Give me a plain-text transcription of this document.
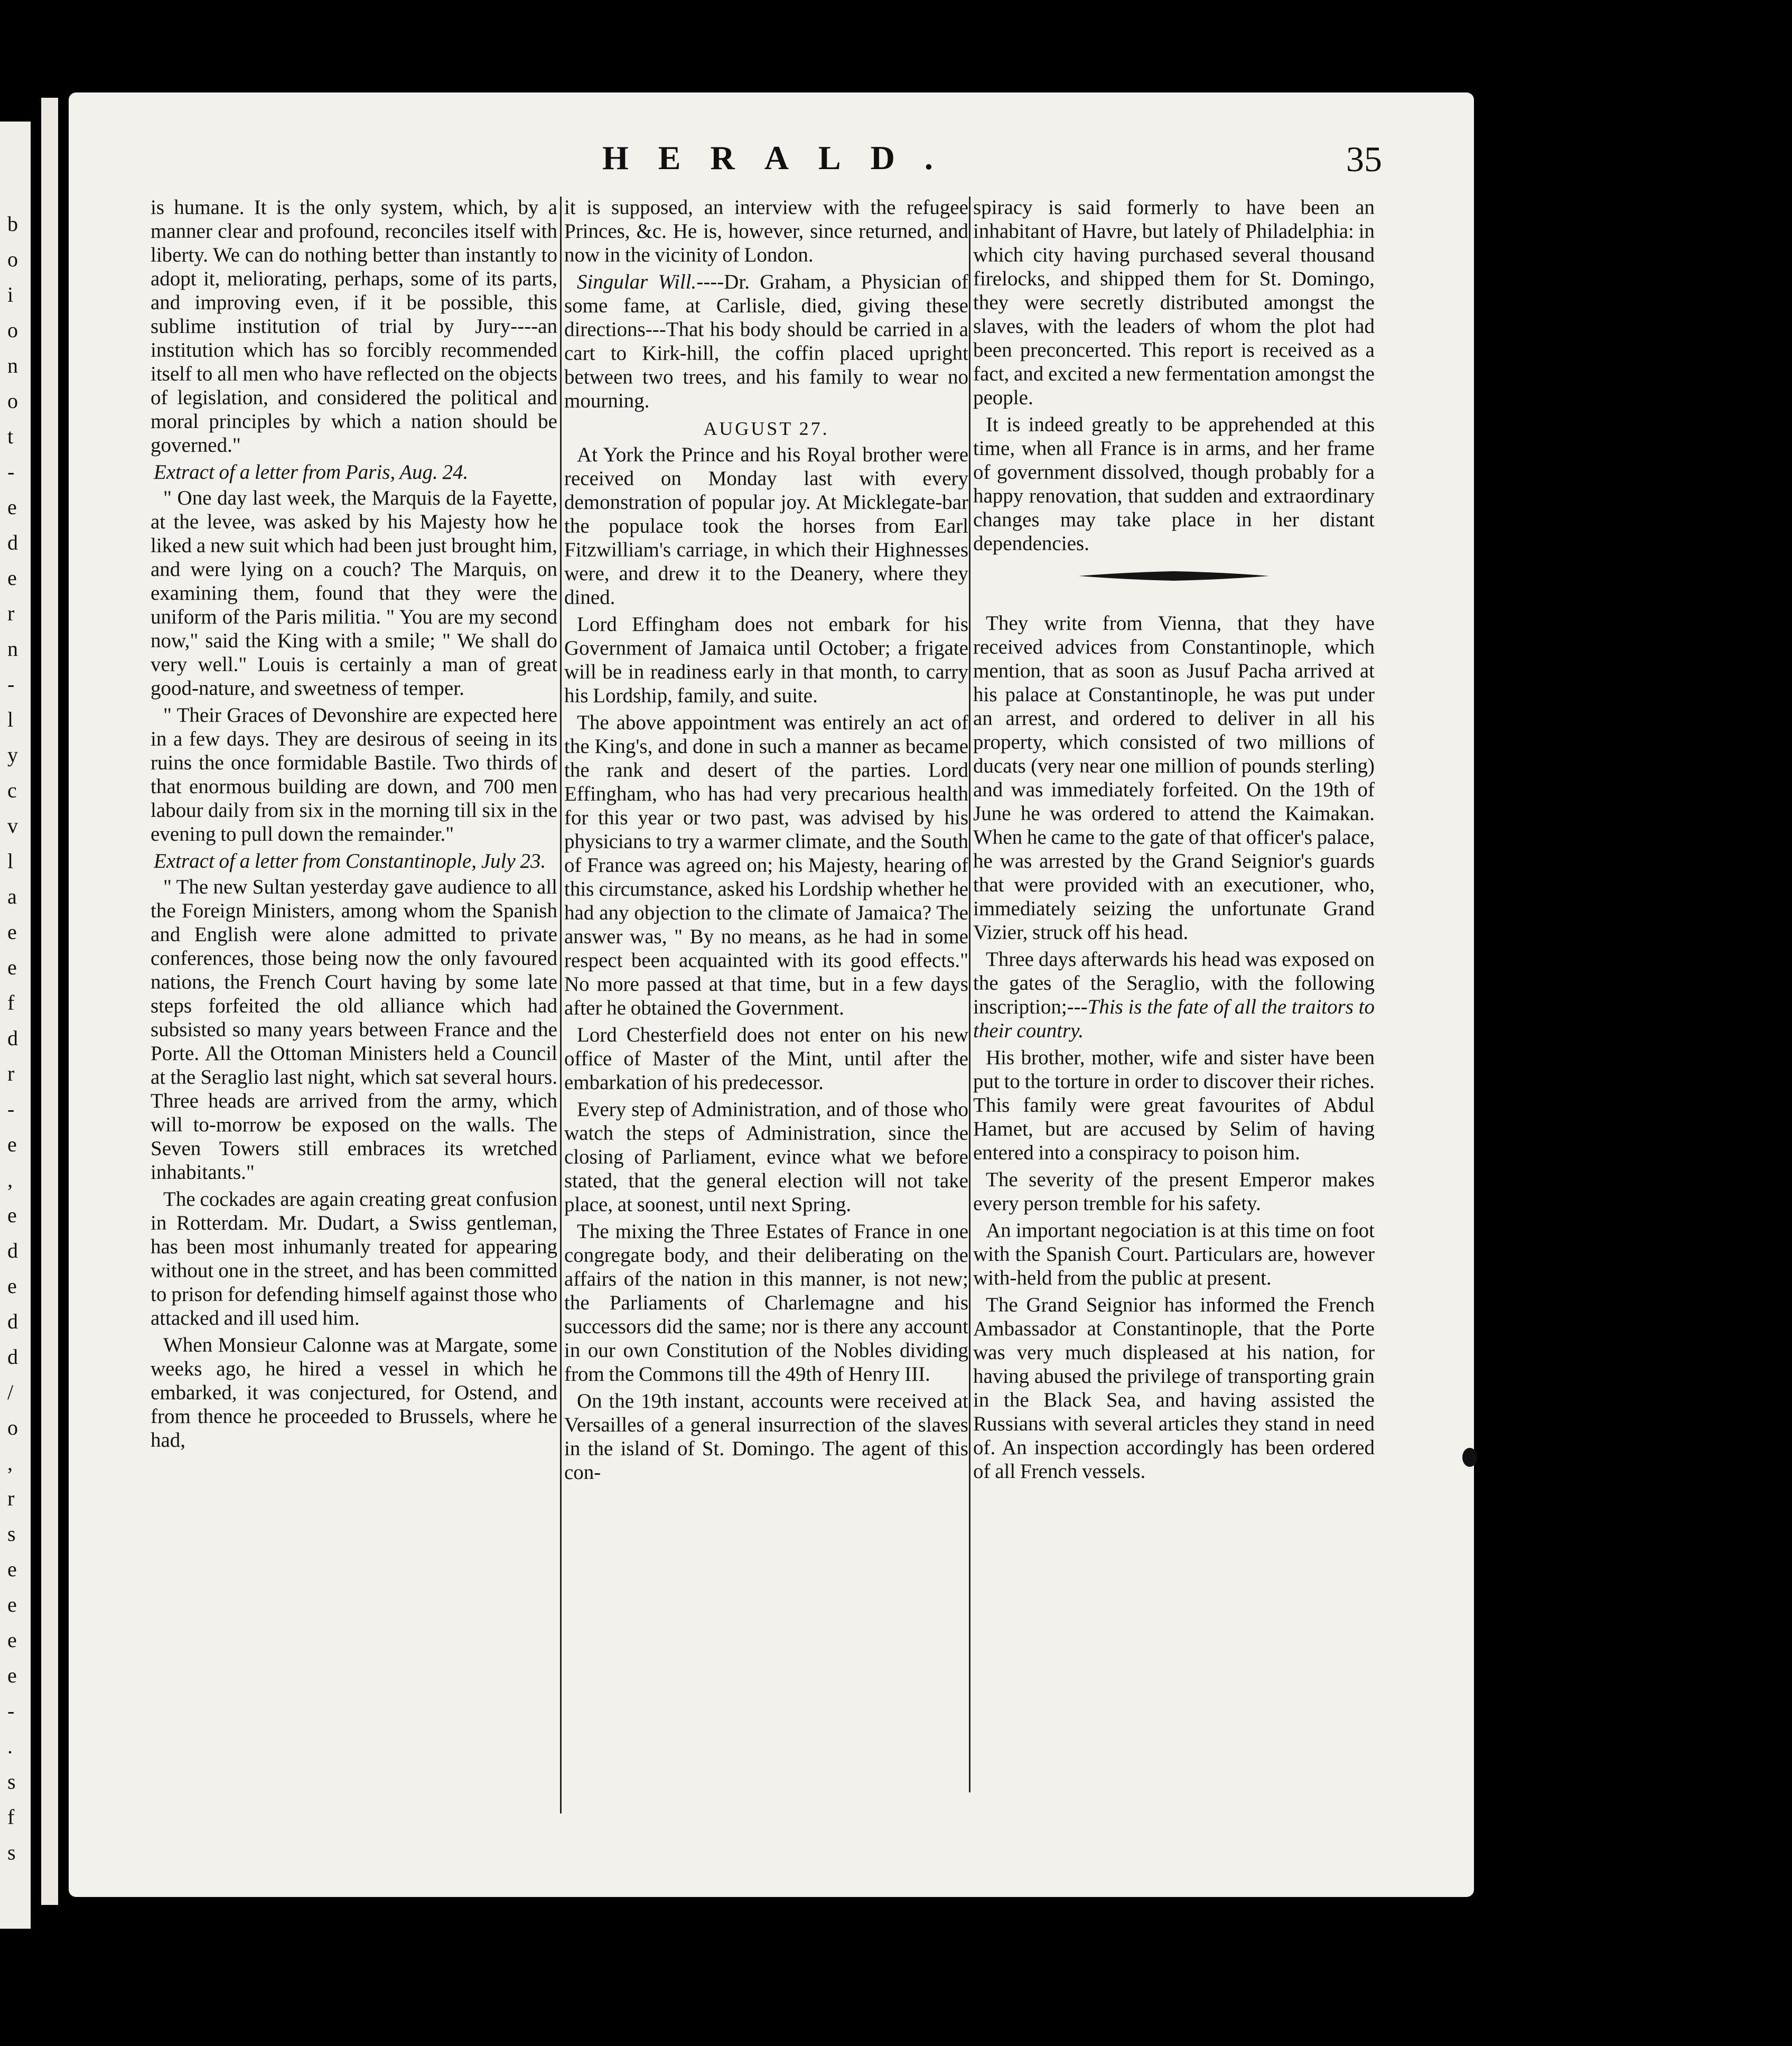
b
o
i
o
n
o
t
-
e
d
e
r
n
-
l
y
c
v
l
a
e
e
f
d
r
-
e
,
e
d
e
d
d
/
o
,
r
s
e
e
e
e
-
.
s
f
s
HERALD.	35

is humane. It is the only system, which, by a manner clear and profound, reconciles itself with liberty. We can do nothing better than instantly to adopt it, meliorating, perhaps, some of its parts, and improving even, if it be possible, this sublime institution of trial by Jury----an institution which has so forcibly recommended itself to all men who have reflected on the objects of legislation, and considered the political and moral principles by which a nation should be governed."

Extract of a letter from Paris, Aug. 24.

" One day last week, the Marquis de la Fayette, at the levee, was asked by his Majesty how he liked a new suit which had been just brought him, and were lying on a couch? The Marquis, on examining them, found that they were the uniform of the Paris militia. " You are my second now," said the King with a smile; " We shall do very well." Louis is certainly a man of great good-nature, and sweetness of temper.

" Their Graces of Devonshire are expected here in a few days. They are desirous of seeing in its ruins the once formidable Bastile. Two thirds of that enormous building are down, and 700 men labour daily from six in the morning till six in the evening to pull down the remainder."

Extract of a letter from Constantinople, July 23.

" The new Sultan yesterday gave audience to all the Foreign Ministers, among whom the Spanish and English were alone admitted to private conferences, those being now the only favoured nations, the French Court having by some late steps forfeited the old alliance which had subsisted so many years between France and the Porte. All the Ottoman Ministers held a Council at the Seraglio last night, which sat several hours. Three heads are arrived from the army, which will to-morrow be exposed on the walls. The Seven Towers still embraces its wretched inhabitants."

The cockades are again creating great confusion in Rotterdam. Mr. Dudart, a Swiss gentleman, has been most inhumanly treated for appearing without one in the street, and has been committed to prison for defending himself against those who attacked and ill used him.

When Monsieur Calonne was at Margate, some weeks ago, he hired a vessel in which he embarked, it was conjectured, for Ostend, and from thence he proceeded to Brussels, where he had,

it is supposed, an interview with the refugee Princes, &c. He is, however, since returned, and now in the vicinity of London.

Singular Will.----Dr. Graham, a Physician of some fame, at Carlisle, died, giving these directions---That his body should be carried in a cart to Kirk-hill, the coffin placed upright between two trees, and his family to wear no mourning.

AUGUST 27.

At York the Prince and his Royal brother were received on Monday last with every demonstration of popular joy. At Micklegate-bar the populace took the horses from Earl Fitzwilliam's carriage, in which their Highnesses were, and drew it to the Deanery, where they dined.

Lord Effingham does not embark for his Government of Jamaica until October; a frigate will be in readiness early in that month, to carry his Lordship, family, and suite.

The above appointment was entirely an act of the King's, and done in such a manner as became the rank and desert of the parties. Lord Effingham, who has had very precarious health for this year or two past, was advised by his physicians to try a warmer climate, and the South of France was agreed on; his Majesty, hearing of this circumstance, asked his Lordship whether he had any objection to the climate of Jamaica? The answer was, " By no means, as he had in some respect been acquainted with its good effects." No more passed at that time, but in a few days after he obtained the Government.

Lord Chesterfield does not enter on his new office of Master of the Mint, until after the embarkation of his predecessor.

Every step of Administration, and of those who watch the steps of Administration, since the closing of Parliament, evince what we before stated, that the general election will not take place, at soonest, until next Spring.

The mixing the Three Estates of France in one congregate body, and their deliberating on the affairs of the nation in this manner, is not new; the Parliaments of Charlemagne and his successors did the same; nor is there any account in our own Constitution of the Nobles dividing from the Commons till the 49th of Henry III.

On the 19th instant, accounts were received at Versailles of a general insurrection of the slaves in the island of St. Domingo. The agent of this con-

spiracy is said formerly to have been an inhabitant of Havre, but lately of Philadelphia: in which city having purchased several thousand firelocks, and shipped them for St. Domingo, they were secretly distributed amongst the slaves, with the leaders of whom the plot had been preconcerted. This report is received as a fact, and excited a new fermentation amongst the people.

It is indeed greatly to be apprehended at this time, when all France is in arms, and her frame of government dissolved, though probably for a happy renovation, that sudden and extraordinary changes may take place in her distant dependencies.

They write from Vienna, that they have received advices from Constantinople, which mention, that as soon as Jusuf Pacha arrived at his palace at Constantinople, he was put under an arrest, and ordered to deliver in all his property, which consisted of two millions of ducats (very near one million of pounds sterling) and was immediately forfeited. On the 19th of June he was ordered to attend the Kaimakan. When he came to the gate of that officer's palace, he was arrested by the Grand Seignior's guards that were provided with an executioner, who, immediately seizing the unfortunate Grand Vizier, struck off his head.

Three days afterwards his head was exposed on the gates of the Seraglio, with the following inscription;---This is the fate of all the traitors to their country.

His brother, mother, wife and sister have been put to the torture in order to discover their riches. This family were great favourites of Abdul Hamet, but are accused by Selim of having entered into a conspiracy to poison him.

The severity of the present Emperor makes every person tremble for his safety.

An important negociation is at this time on foot with the Spanish Court. Particulars are, however with-held from the public at present.

The Grand Seignior has informed the French Ambassador at Constantinople, that the Porte was very much displeased at his nation, for having abused the privilege of transporting grain in the Black Sea, and having assisted the Russians with several articles they stand in need of. An inspection accordingly has been ordered of all French vessels.
